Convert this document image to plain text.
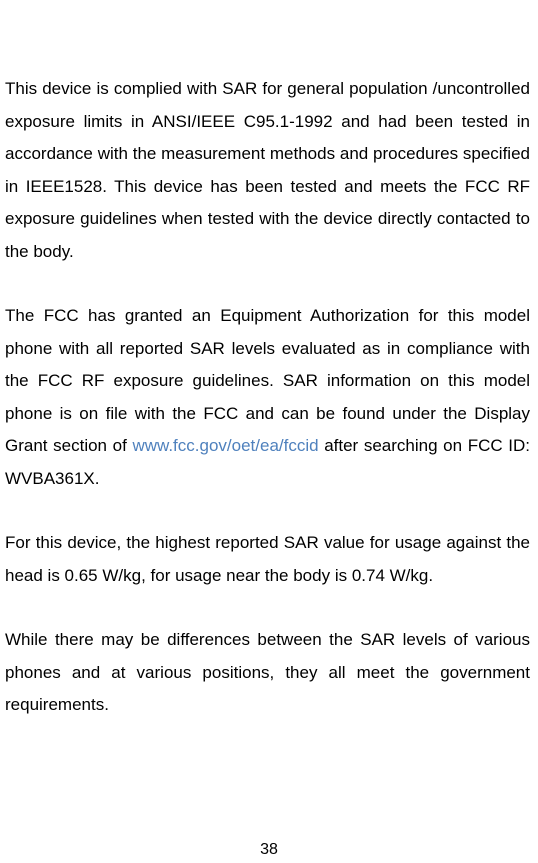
This device is complied with SAR for general population /uncontrolled exposure limits in ANSI/IEEE C95.1-1992 and had been tested in accordance with the measurement methods and procedures specified in IEEE1528. This device has been tested and meets the FCC RF exposure guidelines when tested with the device directly contacted to the body.

The FCC has granted an Equipment Authorization for this model phone with all reported SAR levels evaluated as in compliance with the FCC RF exposure guidelines. SAR information on this model phone is on file with the FCC and can be found under the Display Grant section of www.fcc.gov/oet/ea/fccid after searching on FCC ID: WVBA361X.

For this device, the highest reported SAR value for usage against the head is 0.65 W/kg, for usage near the body is 0.74 W/kg.

While there may be differences between the SAR levels of various phones and at various positions, they all meet the government requirements.

38
